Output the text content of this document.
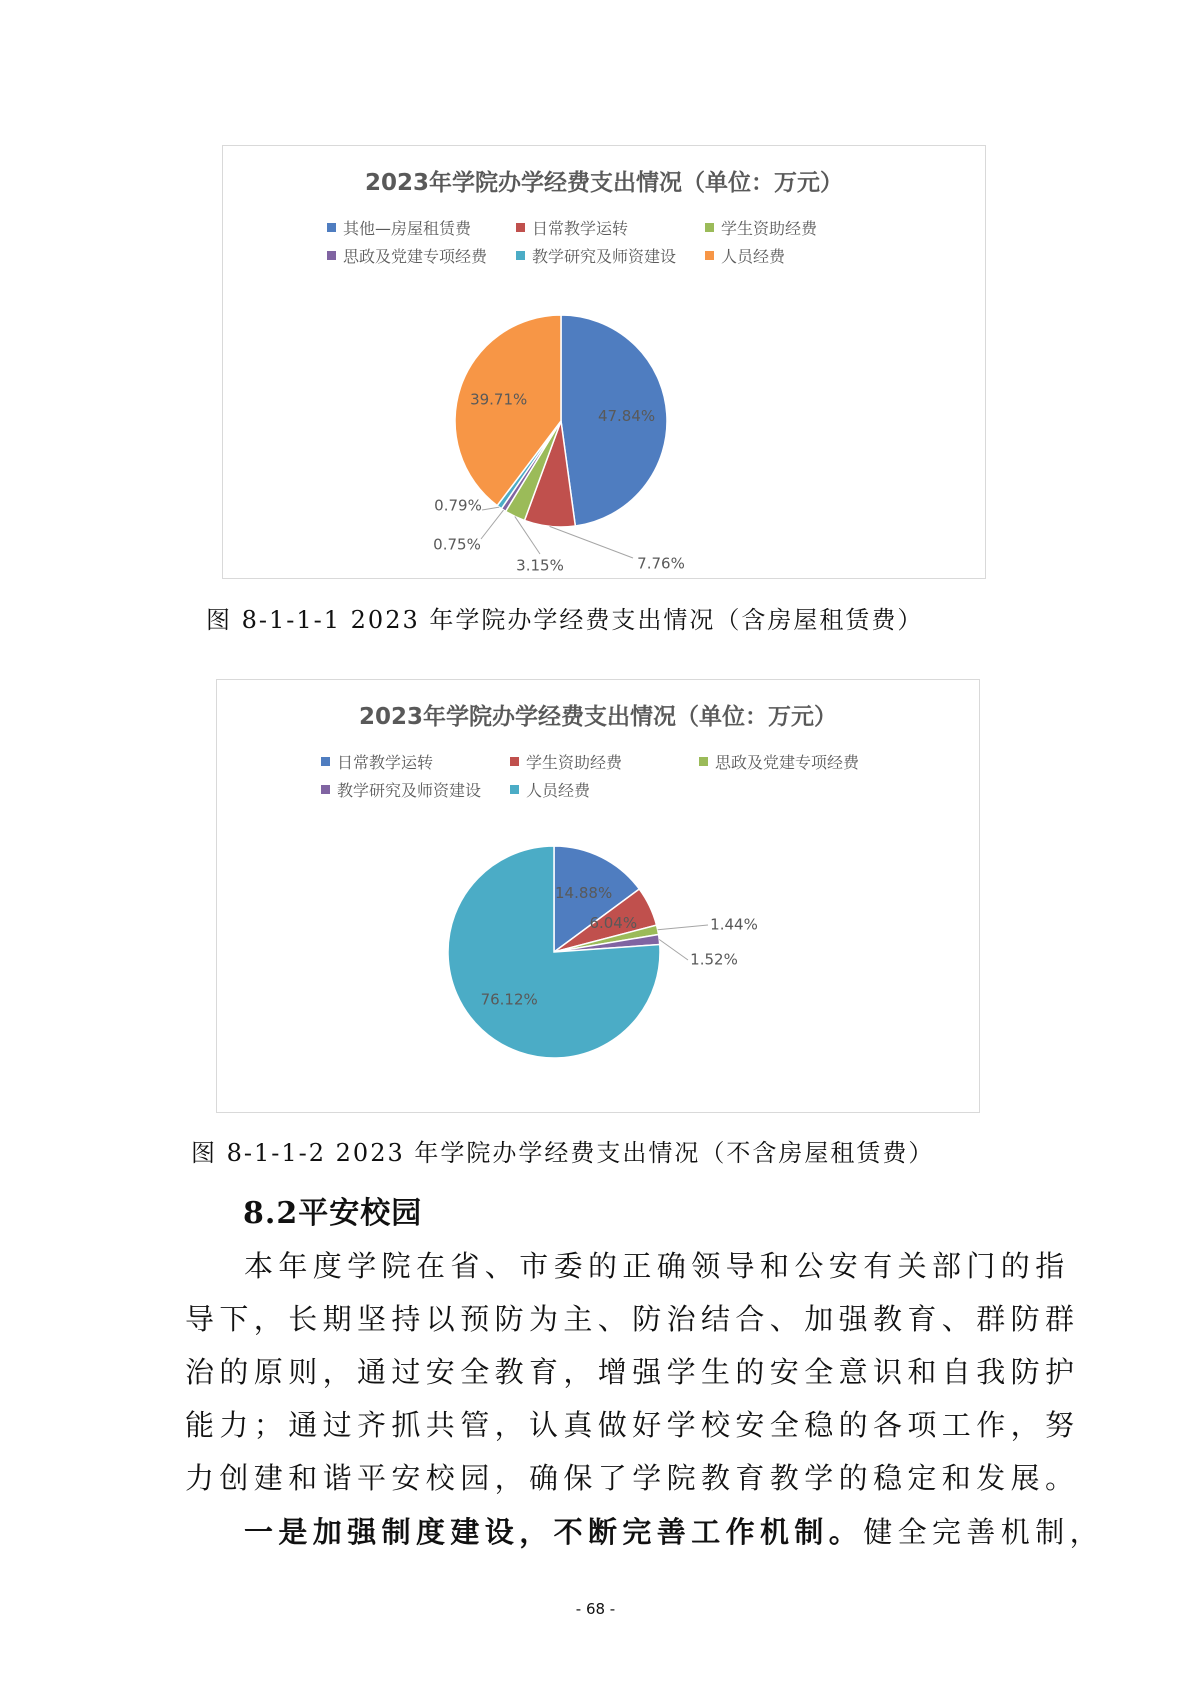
2023年学院办学经费支出情况（单位：万元）
其他—房屋租赁费	日常教学运转	学生资助经费
思政及党建专项经费	教学研究及师资建设	人员经费
47.84%
7.76%
3.15%
0.75%
0.79%
39.71%
图 8-1-1-1 2023 年学院办学经费支出情况（含房屋租赁费）
2023年学院办学经费支出情况（单位：万元）
日常教学运转	学生资助经费	思政及党建专项经费
教学研究及师资建设	人员经费
14.88%
6.04%	1.44%
1.52%
76.12%
图 8-1-1-2 2023 年学院办学经费支出情况（不含房屋租赁费）
8.2平安校园
本年度学院在省、市委的正确领导和公安有关部门的指
导下，长期坚持以预防为主、防治结合、加强教育、群防群
治的原则，通过安全教育，增强学生的安全意识和自我防护
能力；通过齐抓共管，认真做好学校安全稳的各项工作，努
力创建和谐平安校园，确保了学院教育教学的稳定和发展。
一是加强制度建设，不断完善工作机制。健全完善机制，
- 68 -
